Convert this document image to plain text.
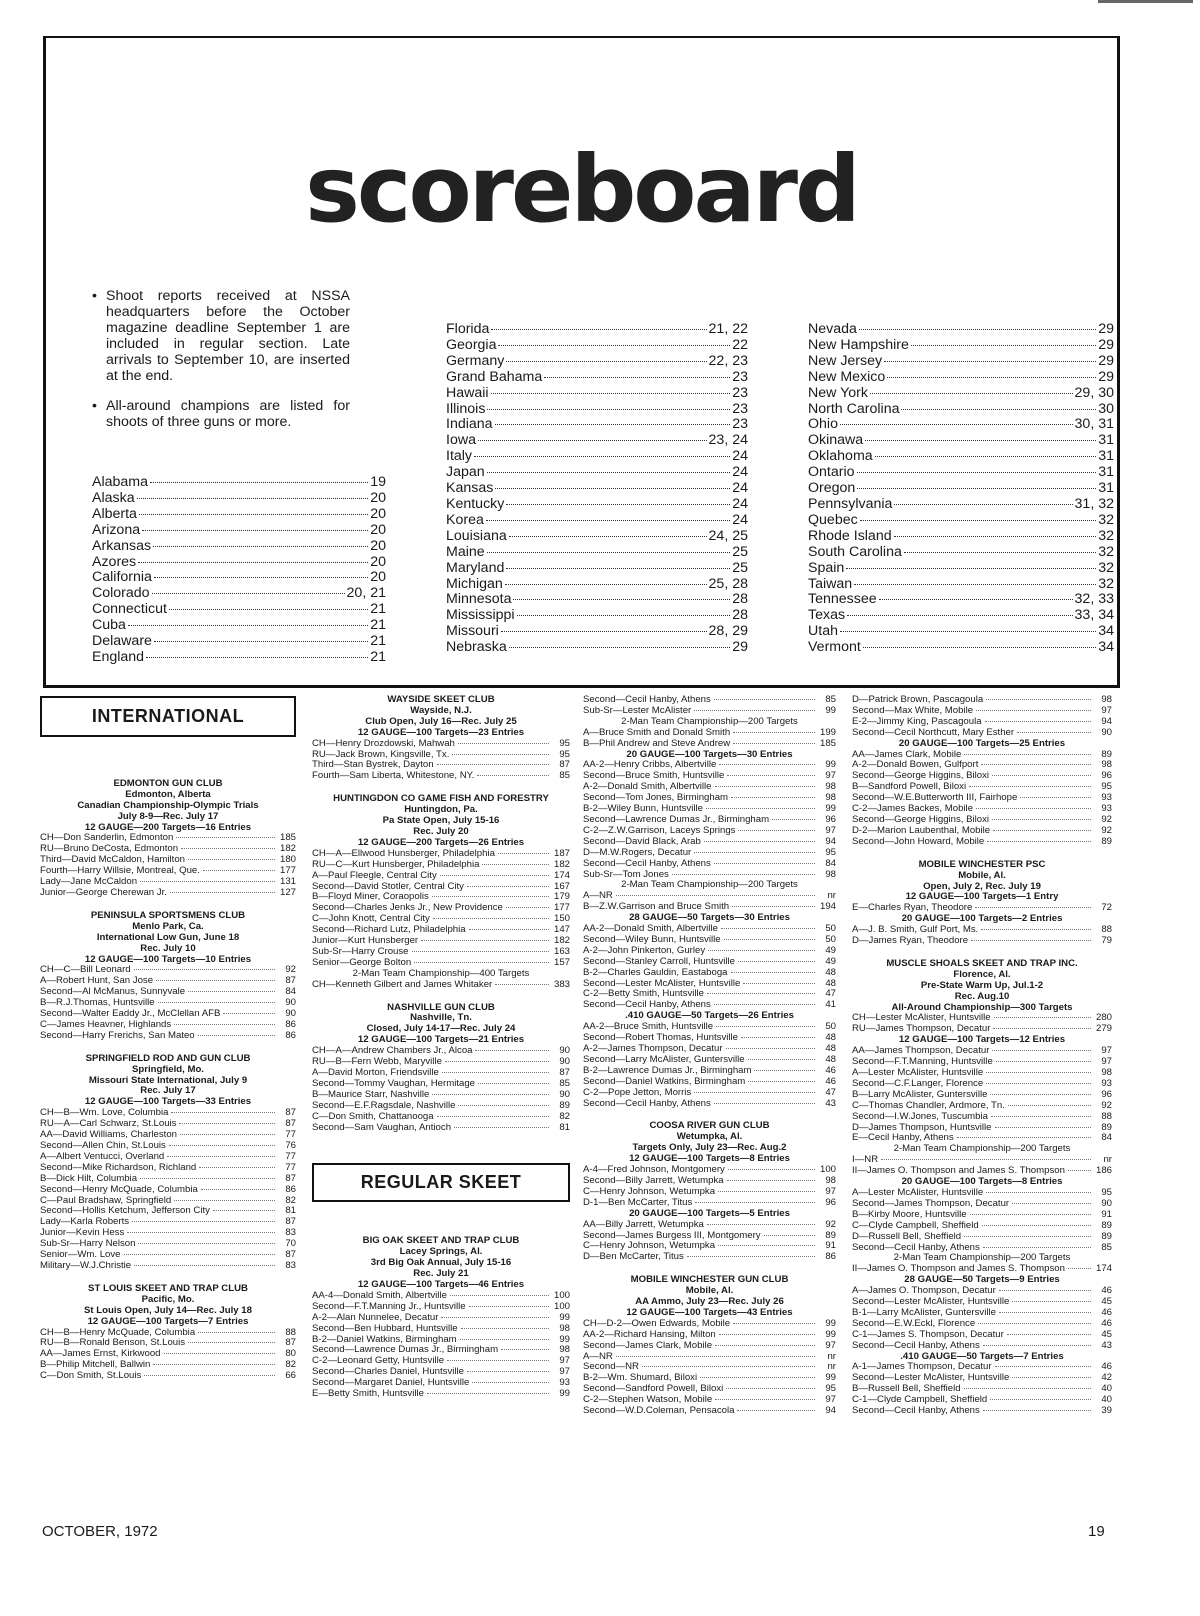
scoreboard
• Shoot reports received at NSSA headquarters before the October magazine deadline September 1 are included in regular section. Late arrivals to September 10, are inserted at the end.
• All-around champions are listed for shoots of three guns or more.
Alabama	19
Alaska	20
Alberta	20
Arizona	20
Arkansas	20
Azores	20
California	20
Colorado	20, 21
Connecticut	21
Cuba	21
Delaware	21
England	21
Florida	21, 22
Georgia	22
Germany	22, 23
Grand Bahama	23
Hawaii	23
Illinois	23
Indiana	23
Iowa	23, 24
Italy	24
Japan	24
Kansas	24
Kentucky	24
Korea	24
Louisiana	24, 25
Maine	25
Maryland	25
Michigan	25, 28
Minnesota	28
Mississippi	28
Missouri	28, 29
Nebraska	29
Nevada	29
New Hampshire	29
New Jersey	29
New Mexico	29
New York	29, 30
North Carolina	30
Ohio	30, 31
Okinawa	31
Oklahoma	31
Ontario	31
Oregon	31
Pennsylvania	31, 32
Quebec	32
Rhode Island	32
South Carolina	32
Spain	32
Taiwan	32
Tennessee	32, 33
Texas	33, 34
Utah	34
Vermont	34
INTERNATIONAL
EDMONTON GUN CLUB
Edmonton, Alberta
Canadian Championship-Olympic Trials
July 8-9—Rec. July 17
12 GAUGE—200 Targets—16 Entries
CH—Don Sanderlin, Edmonton	185
RU—Bruno DeCosta, Edmonton	182
Third—David McCaldon, Hamilton	180
Fourth—Harry Willsie, Montreal, Que.	177
Lady—Jane McCaldon	131
Junior—George Cherewan Jr.	127
PENINSULA SPORTSMENS CLUB
Menlo Park, Ca.
International Low Gun, June 18
Rec. July 10
12 GAUGE—100 Targets—10 Entries
CH—C—Bill Leonard	92
A—Robert Hunt, San Jose	87
Second—Al McManus, Sunnyvale	84
B—R.J.Thomas, Huntsville	90
Second—Walter Eaddy Jr., McClellan AFB	90
C—James Heavner, Highlands	86
Second—Harry Frerichs, San Mateo	86
SPRINGFIELD ROD AND GUN CLUB
Springfield, Mo.
Missouri State International, July 9
Rec. July 17
12 GAUGE—100 Targets—33 Entries
CH—B—Wm. Love, Columbia	87
RU—A—Carl Schwarz, St.Louis	87
AA—David Williams, Charleston	77
Second—Allen Chin, St.Louis	76
A—Albert Ventucci, Overland	77
Second—Mike Richardson, Richland	77
B—Dick Hilt, Columbia	87
Second—Henry McQuade, Columbia	86
C—Paul Bradshaw, Springfield	82
Second—Hollis Ketchum, Jefferson City	81
Lady—Karla Roberts	87
Junior—Kevin Hess	83
Sub-Sr—Harry Nelson	70
Senior—Wm. Love	87
Military—W.J.Christie	83
ST LOUIS SKEET AND TRAP CLUB
Pacific, Mo.
St Louis Open, July 14—Rec. July 18
12 GAUGE—100 Targets—7 Entries
CH—B—Henry McQuade, Columbia	88
RU—B—Ronald Benson, St.Louis	87
AA—James Ernst, Kirkwood	80
B—Philip Mitchell, Ballwin	82
C—Don Smith, St.Louis	66
WAYSIDE SKEET CLUB
Wayside, N.J.
Club Open, July 16—Rec. July 25
12 GAUGE—100 Targets—23 Entries
CH—Henry Drozdowski, Mahwah	95
RU—Jack Brown, Kingsville, Tx.	95
Third—Stan Bystrek, Dayton	87
Fourth—Sam Liberta, Whitestone, NY.	85
HUNTINGDON CO GAME FISH AND FORESTRY
Huntingdon, Pa.
Pa State Open, July 15-16
Rec. July 20
12 GAUGE—200 Targets—26 Entries
CH—A—Ellwood Hunsberger, Philadelphia	187
RU—C—Kurt Hunsberger, Philadelphia	182
A—Paul Fleegle, Central City	174
Second—David Stotler, Central City	167
B—Floyd Miner, Coraopolis	179
Second—Charles Jenks Jr., New Providence	177
C—John Knott, Central City	150
Second—Richard Lutz, Philadelphia	147
Junior—Kurt Hunsberger	182
Sub-Sr—Harry Crouse	163
Senior—George Bolton	157
2-Man Team Championship—400 Targets
CH—Kenneth Gilbert and James Whitaker	383
NASHVILLE GUN CLUB
Nashville, Tn.
Closed, July 14-17—Rec. July 24
12 GAUGE—100 Targets—21 Entries
CH—A—Andrew Chambers Jr., Alcoa	90
RU—B—Fern Webb, Maryville	90
A—David Morton, Friendsville	87
Second—Tommy Vaughan, Hermitage	85
B—Maurice Starr, Nashville	90
Second—E.F.Ragsdale, Nashville	89
C—Don Smith, Chattanooga	82
Second—Sam Vaughan, Antioch	81
REGULAR SKEET
BIG OAK SKEET AND TRAP CLUB
Lacey Springs, Al.
3rd Big Oak Annual, July 15-16
Rec. July 21
12 GAUGE—100 Targets—46 Entries
AA-4—Donald Smith, Albertville	100
Second—F.T.Manning Jr., Huntsville	100
A-2—Alan Nunnelee, Decatur	99
Second—Ben Hubbard, Huntsville	98
B-2—Daniel Watkins, Birmingham	99
Second—Lawrence Dumas Jr., Birmingham	98
C-2—Leonard Getty, Huntsville	97
Second—Charles Daniel, Huntsville	97
Second—Margaret Daniel, Huntsville	93
E—Betty Smith, Huntsville	99
Second—Cecil Hanby, Athens	85
Sub-Sr—Lester McAlister	99
2-Man Team Championship—200 Targets
A—Bruce Smith and Donald Smith	199
B—Phil Andrew and Steve Andrew	185
20 GAUGE—100 Targets—30 Entries
AA-2—Henry Cribbs, Albertville	99
Second—Bruce Smith, Huntsville	97
A-2—Donald Smith, Albertville	98
Second—Tom Jones, Birmingham	98
B-2—Wiley Bunn, Huntsville	99
Second—Lawrence Dumas Jr., Birmingham	96
C-2—Z.W.Garrison, Laceys Springs	97
Second—David Black, Arab	94
D—M.W.Rogers, Decatur	95
Second—Cecil Hanby, Athens	84
Sub-Sr—Tom Jones	98
2-Man Team Championship—200 Targets
A—NR	nr
B—Z.W.Garrison and Bruce Smith	194
28 GAUGE—50 Targets—30 Entries
AA-2—Donald Smith, Albertville	50
Second—Wiley Bunn, Huntsville	50
A-2—John Pinkerton, Gurley	49
Second—Stanley Carroll, Huntsville	49
B-2—Charles Gauldin, Eastaboga	48
Second—Lester McAlister, Huntsville	48
C-2—Betty Smith, Huntsville	47
Second—Cecil Hanby, Athens	41
.410 GAUGE—50 Targets—26 Entries
AA-2—Bruce Smith, Huntsville	50
Second—Robert Thomas, Huntsville	48
A-2—James Thompson, Decatur	48
Second—Larry McAlister, Guntersville	48
B-2—Lawrence Dumas Jr., Birmingham	46
Second—Daniel Watkins, Birmingham	46
C-2—Pope Jetton, Morris	47
Second—Cecil Hanby, Athens	43
COOSA RIVER GUN CLUB
Wetumpka, Al.
Targets Only, July 23—Rec. Aug.2
12 GAUGE—100 Targets—8 Entries
A-4—Fred Johnson, Montgomery	100
Second—Billy Jarrett, Wetumpka	98
C—Henry Johnson, Wetumpka	97
D-1—Ben McCarter, Titus	96
20 GAUGE—100 Targets—5 Entries
AA—Billy Jarrett, Wetumpka	92
Second—James Burgess III, Montgomery	89
C—Henry Johnson, Wetumpka	91
D—Ben McCarter, Titus	86
MOBILE WINCHESTER GUN CLUB
Mobile, Al.
AA Ammo, July 23—Rec. July 26
12 GAUGE—100 Targets—43 Entries
CH—D-2—Owen Edwards, Mobile	99
AA-2—Richard Hansing, Milton	99
Second—James Clark, Mobile	97
A—NR	nr
Second—NR	nr
B-2—Wm. Shumard, Biloxi	99
Second—Sandford Powell, Biloxi	95
C-2—Stephen Watson, Mobile	97
Second—W.D.Coleman, Pensacola	94
D—Patrick Brown, Pascagoula	98
Second—Max White, Mobile	97
E-2—Jimmy King, Pascagoula	94
Second—Cecil Northcutt, Mary Esther	90
20 GAUGE—100 Targets—25 Entries
AA—James Clark, Mobile	89
A-2—Donald Bowen, Gulfport	98
Second—George Higgins, Biloxi	96
B—Sandford Powell, Biloxi	95
Second—W.E.Butterworth III, Fairhope	93
C-2—James Backes, Mobile	93
Second—George Higgins, Biloxi	92
D-2—Marion Laubenthal, Mobile	92
Second—John Howard, Mobile	89
MOBILE WINCHESTER PSC
Mobile, Al.
Open, July 2, Rec. July 19
12 GAUGE—100 Targets—1 Entry
E—Charles Ryan, Theodore	72
20 GAUGE—100 Targets—2 Entries
A—J. B. Smith, Gulf Port, Ms.	88
D—James Ryan, Theodore	79
MUSCLE SHOALS SKEET AND TRAP INC.
Florence, Al.
Pre-State Warm Up, Jul.1-2
Rec. Aug.10
All-Around Championship—300 Targets
CH—Lester McAlister, Huntsville	280
RU—James Thompson, Decatur	279
12 GAUGE—100 Targets—12 Entries
AA—James Thompson, Decatur	97
Second—F.T.Manning, Huntsville	97
A—Lester McAlister, Huntsville	98
Second—C.F.Langer, Florence	93
B—Larry McAlister, Guntersville	96
C—Thomas Chandler, Ardmore, Tn.	92
Second—I.W.Jones, Tuscumbia	88
D—James Thompson, Huntsville	89
E—Cecil Hanby, Athens	84
2-Man Team Championship—200 Targets
I—NR	nr
II—James O. Thompson and James S. Thompson	186
20 GAUGE—100 Targets—8 Entries
A—Lester McAlister, Huntsville	95
Second—James Thompson, Decatur	90
B—Kirby Moore, Huntsville	91
C—Clyde Campbell, Sheffield	89
D—Russell Bell, Sheffield	89
Second—Cecil Hanby, Athens	85
2-Man Team Championship—200 Targets
II—James O. Thompson and James S. Thompson	174
28 GAUGE—50 Targets—9 Entries
A—James O. Thompson, Decatur	46
Second—Lester McAlister, Huntsville	45
B-1—Larry McAlister, Guntersville	46
Second—E.W.Eckl, Florence	46
C-1—James S. Thompson, Decatur	45
Second—Cecil Hanby, Athens	43
.410 GAUGE—50 Targets—7 Entries
A-1—James Thompson, Decatur	46
Second—Lester McAlister, Huntsville	42
B—Russell Bell, Sheffield	40
C-1—Clyde Campbell, Sheffield	40
Second—Cecil Hanby, Athens	39
OCTOBER, 1972	19
